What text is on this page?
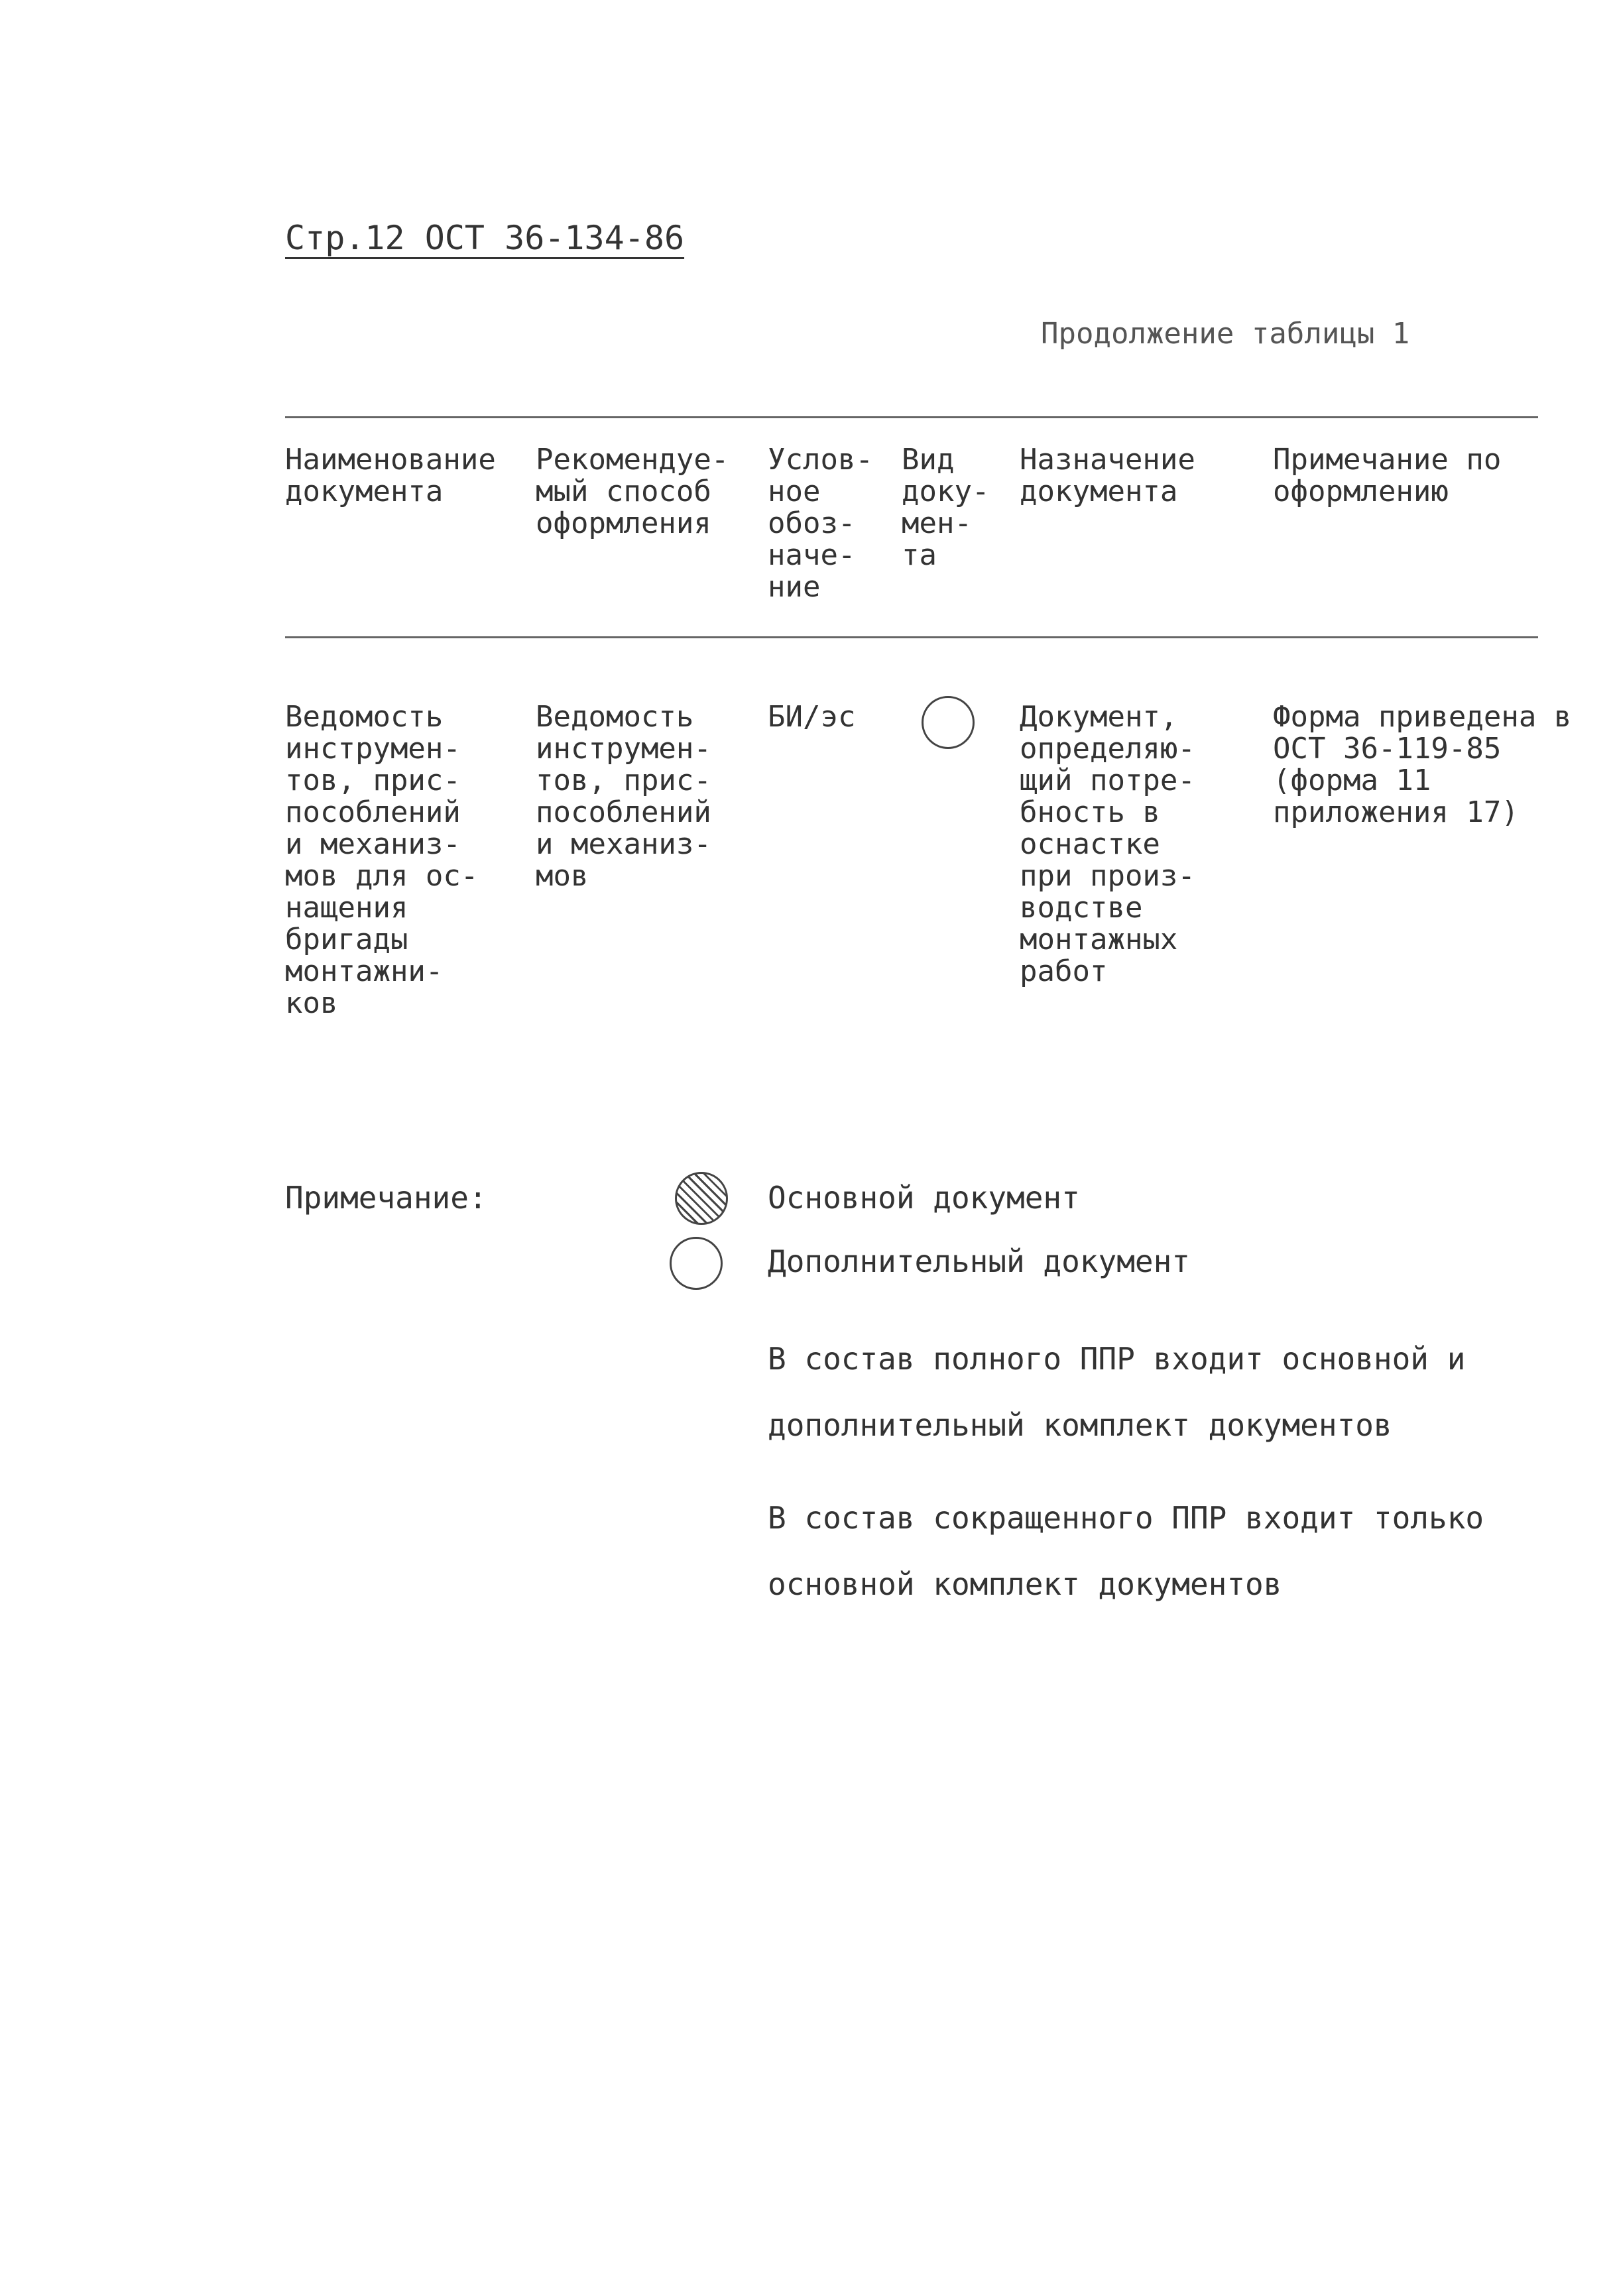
Стр.12 ОСТ 36-134-86
Продолжение таблицы 1
Наименование
документа
Рекомендуе-
мый способ
оформления
Услов-
ное
обоз-
наче-
ние
Вид
доку-
мен-
та
Назначение
документа
Примечание по
оформлению
Ведомость
инструмен-
тов, прис-
пособлений
и механиз-
мов для ос-
нащения
бригады
монтажни-
ков
Ведомость
инструмен-
тов, прис-
пособлений
и механиз-
мов
БИ/эс	Документ,
определяю-
щий потре-
бность в
оснастке
при произ-
водстве
монтажных
работ
Форма приведена в
ОСТ 36-119-85
(форма 11
приложения 17)
Примечание:	Основной документ
Дополнительный документ
В состав полного ППР входит основной и
дополнительный комплект документов
В состав сокращенного ППР входит только
основной комплект документов
